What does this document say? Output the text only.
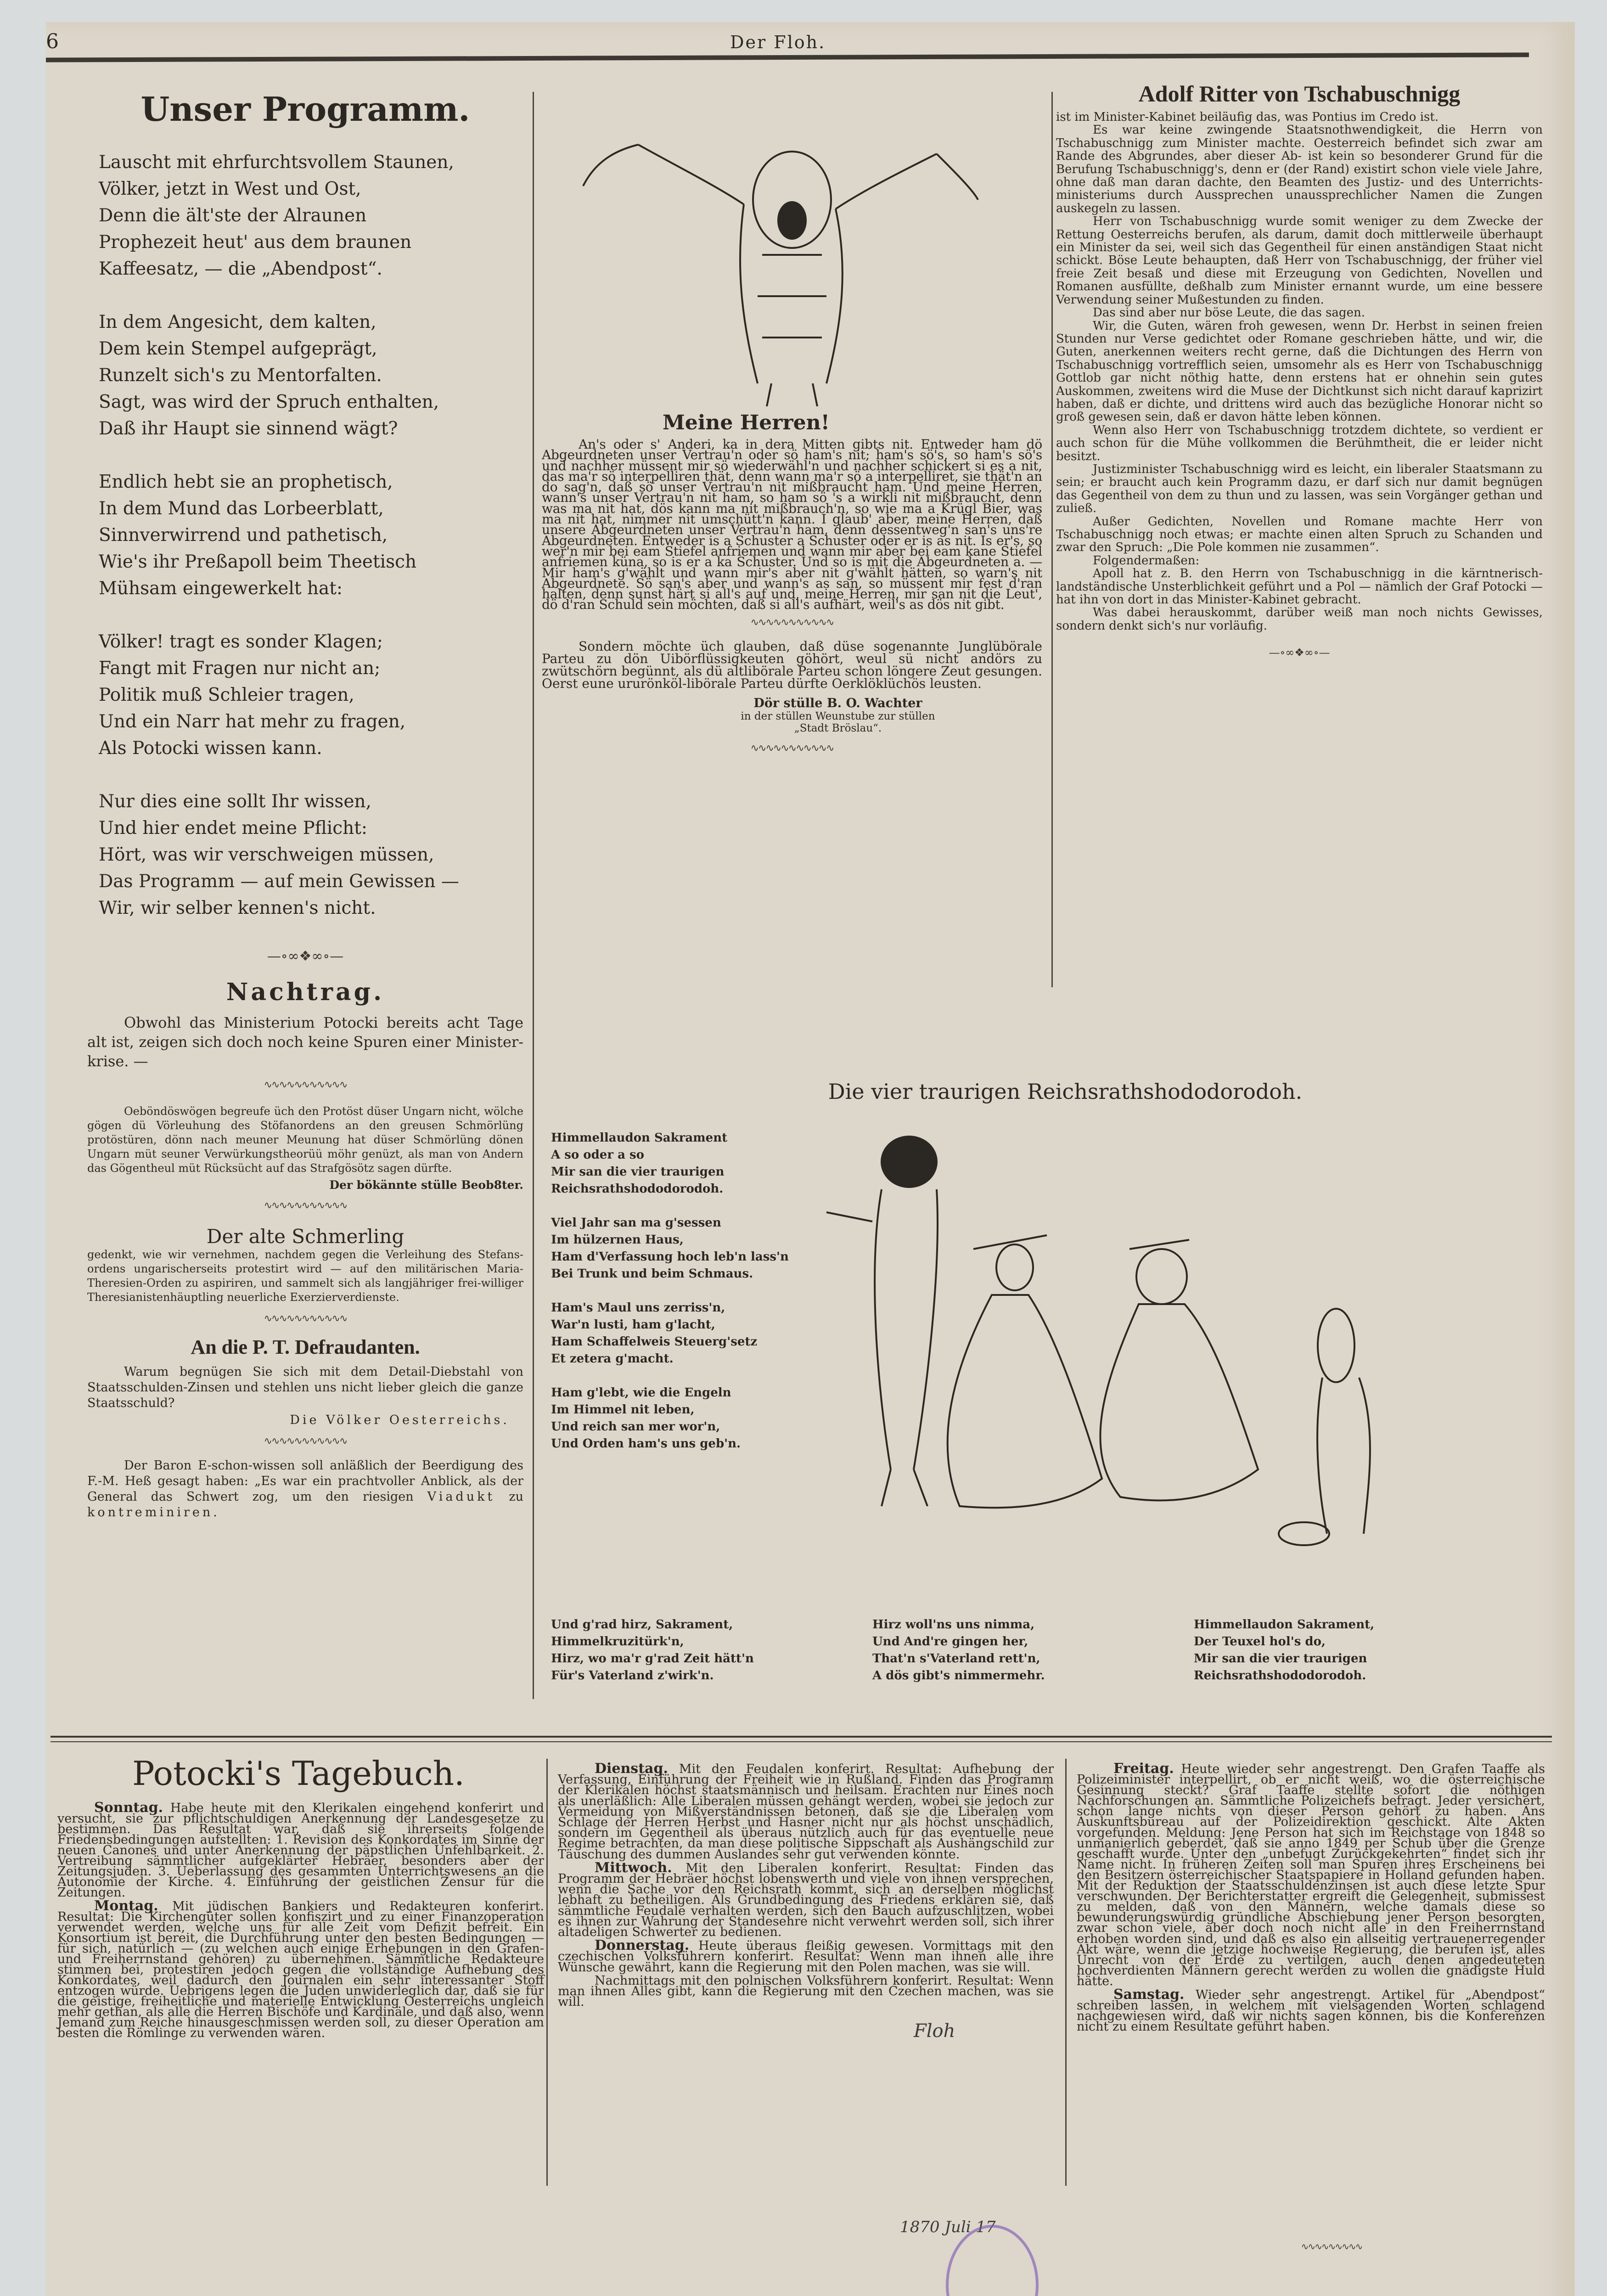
6	Der Floh.
Unser Programm.

Lauscht mit ehrfurchtsvollem Staunen,

Völker, jetzt in West und Ost,

Denn die ält'ste der Alraunen

Prophezeit heut' aus dem braunen

Kaffeesatz, — die „Abendpost“.

In dem Angesicht, dem kalten,

Dem kein Stempel aufgeprägt,

Runzelt sich's zu Mentorfalten.

Sagt, was wird der Spruch enthalten,

Daß ihr Haupt sie sinnend wägt?

Endlich hebt sie an prophetisch,

In dem Mund das Lorbeerblatt,

Sinnverwirrend und pathetisch,

Wie's ihr Preßapoll beim Theetisch

Mühsam eingewerkelt hat:

Völker! tragt es sonder Klagen;

Fangt mit Fragen nur nicht an;

Politik muß Schleier tragen,

Und ein Narr hat mehr zu fragen,

Als Potocki wissen kann.

Nur dies eine sollt Ihr wissen,

Und hier endet meine Pflicht:

Hört, was wir verschweigen müssen,

Das Programm — auf mein Gewissen —

Wir, wir selber kennen's nicht.

—∘∞❖∞∘—
Nachtrag.
Obwohl das Ministerium Potocki bereits acht Tage alt ist, zeigen sich doch noch keine Spuren einer Minister-krise. —
∿∿∿∿∿∿∿∿∿∿∿
Oeböndöswögen begreufe üch den Protöst düser Ungarn nicht, wölche gögen dü Vörleuhung des Stöfanordens an den greusen Schmörlüng protöstüren, dönn nach meuner Meunung hat düser Schmörlüng dönen Ungarn müt seuner Verwürkungstheorüü möhr genüzt, als man von Andern das Gögentheul müt Rücksücht auf das Strafgösötz sagen dürfte.
Der bökännte stülle Beob8ter.
∿∿∿∿∿∿∿∿∿∿∿
Der alte Schmerling
gedenkt, wie wir vernehmen, nachdem gegen die Verleihung des Stefans-ordens ungarischerseits protestirt wird — auf den militärischen Maria-Theresien-Orden zu aspiriren, und sammelt sich als langjähriger frei-williger Theresianistenhäuptling neuerliche Exerzierverdienste.
∿∿∿∿∿∿∿∿∿∿∿
An die P. T. Defraudanten.
Warum begnügen Sie sich mit dem Detail-Diebstahl von Staatsschulden-Zinsen und stehlen uns nicht lieber gleich die ganze Staatsschuld?
Die Völker Oesterreichs.
∿∿∿∿∿∿∿∿∿∿∿
Der Baron E-schon-wissen soll anläßlich der Beerdigung des F.-M. Heß gesagt haben: „Es war ein prachtvoller Anblick, als der General das Schwert zog, um den riesigen Viadukt zu kontreminiren.
Meine Herren!
An's oder s' Anderi, ka in dera Mitten gibts nit. Entweder ham dö Abgeurdneten unser Vertrau'n oder sö ham's nit; ham's sö's, so ham's sö's und nachher müssent mir sö wiederwähl'n und nachher schickert si es a nit, das ma'r sö interpelliren thät, denn wann ma'r sö a interpelliret, sie thät'n an do sag'n, daß sö unser Vertrau'n nit mißbraucht ham. Und meine Herren, wann's unser Vertrau'n nit ham, so ham sö 's a wirkli nit mißbraucht, denn was ma nit hat, dös kann ma nit mißbrauch'n, so wie ma a Krügl Bier, was ma nit hat, nimmer nit umschütt'n kann. I glaub' aber, meine Herren, daß unsere Abgeurdneten unser Vertrau'n ham, denn dessentweg'n san's uns're Abgeurdneten. Entweder is a Schuster a Schuster oder er is as nit. Is er's, so wer'n mir bei eam Stiefel anfriemen und wann mir aber bei eam kane Stiefel anfriemen küna, so is er a ka Schuster. Und so is mit die Abgeurdneten a. — Mir ham's g'wählt und wann mir's aber nit g'wählt hätten, so warn's nit Abgeurdnete. Sö san's aber und wann's as san, so müssent mir fest d'ran halten, denn sunst härt si all's auf und, meine Herren, mir san nit die Leut', dö d'ran Schuld sein möchten, daß si all's aufhärt, weil's as dös nit gibt.
∿∿∿∿∿∿∿∿∿∿∿
Sondern möchte üch glauben, daß düse sogenannte Junglübörale Parteu zu dön Uibörflüssigkeuten göhört, weul sü nicht andörs zu zwütschörn begünnt, als dü altlibörale Parteu schon löngere Zeut gesungen. Oerst eune ururönköl-libörale Parteu dürfte Oerklöklüchös leusten.
Dör stülle B. O. Wachter
in der stüllen Weunstube zur stüllen
„Stadt Bröslau“.
∿∿∿∿∿∿∿∿∿∿∿
Adolf Ritter von Tschabuschnigg

ist im Minister-Kabinet beiläufig das, was Pontius im Credo ist.

Es war keine zwingende Staatsnothwendigkeit, die Herrn von Tschabuschnigg zum Minister machte. Oesterreich befindet sich zwar am Rande des Abgrundes, aber dieser Ab- ist kein so besonderer Grund für die Berufung Tschabuschnigg's, denn er (der Rand) existirt schon viele viele Jahre, ohne daß man daran dachte, den Beamten des Justiz- und des Unterrichts-ministeriums durch Aussprechen unaussprechlicher Namen die Zungen auskegeln zu lassen.

Herr von Tschabuschnigg wurde somit weniger zu dem Zwecke der Rettung Oesterreichs berufen, als darum, damit doch mittlerweile überhaupt ein Minister da sei, weil sich das Gegentheil für einen anständigen Staat nicht schickt. Böse Leute behaupten, daß Herr von Tschabuschnigg, der früher viel freie Zeit besaß und diese mit Erzeugung von Gedichten, Novellen und Romanen ausfüllte, deßhalb zum Minister ernannt wurde, um eine bessere Verwendung seiner Mußestunden zu finden.

Das sind aber nur böse Leute, die das sagen.

Wir, die Guten, wären froh gewesen, wenn Dr. Herbst in seinen freien Stunden nur Verse gedichtet oder Romane geschrieben hätte, und wir, die Guten, anerkennen weiters recht gerne, daß die Dichtungen des Herrn von Tschabuschnigg vortrefflich seien, umsomehr als es Herr von Tschabuschnigg Gottlob gar nicht nöthig hatte, denn erstens hat er ohnehin sein gutes Auskommen, zweitens wird die Muse der Dichtkunst sich nicht darauf kaprizirt haben, daß er dichte, und drittens wird auch das bezügliche Honorar nicht so groß gewesen sein, daß er davon hätte leben können.

Wenn also Herr von Tschabuschnigg trotzdem dichtete, so verdient er auch schon für die Mühe vollkommen die Berühmtheit, die er leider nicht besitzt.

Justizminister Tschabuschnigg wird es leicht, ein liberaler Staatsmann zu sein; er braucht auch kein Programm dazu, er darf sich nur damit begnügen das Gegentheil von dem zu thun und zu lassen, was sein Vorgänger gethan und zuließ.

Außer Gedichten, Novellen und Romane machte Herr von Tschabuschnigg noch etwas; er machte einen alten Spruch zu Schanden und zwar den Spruch: „Die Pole kommen nie zusammen“.

Folgendermaßen:

Apoll hat z. B. den Herrn von Tschabuschnigg in die kärntnerisch-landständische Unsterblichkeit geführt und a Pol — nämlich der Graf Potocki — hat ihn von dort in das Minister-Kabinet gebracht.

Was dabei herauskommt, darüber weiß man noch nichts Gewisses, sondern denkt sich's nur vorläufig.

—∘∞❖∞∘—
Die vier traurigen Reichsrathshododorodoh.

Himmellaudon Sakrament

A so oder a so

Mir san die vier traurigen

Reichsrathshododorodoh.

Viel Jahr san ma g'sessen

Im hülzernen Haus,

Ham d'Verfassung hoch leb'n lass'n

Bei Trunk und beim Schmaus.

Ham's Maul uns zerriss'n,

War'n lusti, ham g'lacht,

Ham Schaffelweis Steuerg'setz

Et zetera g'macht.

Ham g'lebt, wie die Engeln

Im Himmel nit leben,

Und reich san mer wor'n,

Und Orden ham's uns geb'n.

Und g'rad hirz, Sakrament,

Himmelkruzitürk'n,

Hirz, wo ma'r g'rad Zeit hätt'n

Für's Vaterland z'wirk'n.

Hirz woll'ns uns nimma,

Und And're gingen her,

That'n s'Vaterland rett'n,

A dös gibt's nimmermehr.

Himmellaudon Sakrament,

Der Teuxel hol's do,

Mir san die vier traurigen

Reichsrathshododorodoh.

Potocki's Tagebuch.

Sonntag. Habe heute mit den Klerikalen eingehend konferirt und versucht, sie zur pflichtschuldigen Anerkennung der Landesgesetze zu bestimmen. Das Resultat war, daß sie ihrerseits folgende Friedensbedingungen aufstellten: 1. Revision des Konkordates im Sinne der neuen Canones und unter Anerkennung der päpstlichen Unfehlbarkeit. 2. Vertreibung sämmtlicher aufgeklärter Hebräer, besonders aber der Zeitungsjuden. 3. Ueberlassung des gesammten Unterrichtswesens an die Autonomie der Kirche. 4. Einführung der geistlichen Zensur für die Zeitungen.

Montag. Mit jüdischen Bankiers und Redakteuren konferirt. Resultat: Die Kirchengüter sollen konfiszirt und zu einer Finanzoperation verwendet werden, welche uns für alle Zeit vom Defizit befreit. Ein Konsortium ist bereit, die Durchführung unter den besten Bedingungen — für sich, natürlich — (zu welchen auch einige Erhebungen in den Grafen- und Freiherrnstand gehören) zu übernehmen. Sämmtliche Redakteure stimmen bei, protestiren jedoch gegen die vollständige Aufhebung des Konkordates, weil dadurch den Journalen ein sehr interessanter Stoff entzogen würde. Uebrigens legen die Juden unwiderleglich dar, daß sie für die geistige, freiheitliche und materielle Entwicklung Oesterreichs ungleich mehr gethan, als alle die Herren Bischöfe und Kardinäle, und daß also, wenn Jemand zum Reiche hinausgeschmissen werden soll, zu dieser Operation am besten die Römlinge zu verwenden wären.

Dienstag. Mit den Feudalen konferirt. Resultat: Aufhebung der Verfassung, Einführung der Freiheit wie in Rußland. Finden das Programm der Klerikalen höchst staatsmännisch und heilsam. Erachten nur Eines noch als unerläßlich: Alle Liberalen müssen gehängt werden, wobei sie jedoch zur Vermeidung von Mißverständnissen betonen, daß sie die Liberalen vom Schlage der Herren Herbst und Hasner nicht nur als höchst unschädlich, sondern im Gegentheil als überaus nützlich auch für das eventuelle neue Regime betrachten, da man diese politische Sippschaft als Aushängschild zur Täuschung des dummen Auslandes sehr gut verwenden könnte.

Mittwoch. Mit den Liberalen konferirt. Resultat: Finden das Programm der Hebräer höchst lobenswerth und viele von ihnen versprechen, wenn die Sache vor den Reichsrath kommt, sich an derselben möglichst lebhaft zu betheiligen. Als Grundbedingung des Friedens erklären sie, daß sämmtliche Feudale verhalten werden, sich den Bauch aufzuschlitzen, wobei es ihnen zur Wahrung der Standesehre nicht verwehrt werden soll, sich ihrer altadeligen Schwerter zu bedienen.

Donnerstag. Heute überaus fleißig gewesen. Vormittags mit den czechischen Volksführern konferirt. Resultat: Wenn man ihnen alle ihre Wünsche gewährt, kann die Regierung mit den Polen machen, was sie will.

Nachmittags mit den polnischen Volksführern konferirt. Resultat: Wenn man ihnen Alles gibt, kann die Regierung mit den Czechen machen, was sie will.

Freitag. Heute wieder sehr angestrengt. Den Grafen Taaffe als Polizeiminister interpellirt, ob er nicht weiß, wo die österreichische Gesinnung steckt? Graf Taaffe stellte sofort die nöthigen Nachforschungen an. Sämmtliche Polizeichefs befragt. Jeder versichert, schon lange nichts von dieser Person gehört zu haben. Ans Auskunftsbureau auf der Polizeidirektion geschickt. Alte Akten vorgefunden. Meldung: Jene Person hat sich im Reichstage von 1848 so unmanierlich geberdet, daß sie anno 1849 per Schub über die Grenze geschafft wurde. Unter den „unbefugt Zurückgekehrten“ findet sich ihr Name nicht. In früheren Zeiten soll man Spuren ihres Erscheinens bei den Besitzern österreichischer Staatspapiere in Holland gefunden haben. Mit der Reduktion der Staatsschuldenzinsen ist auch diese letzte Spur verschwunden. Der Berichterstatter ergreift die Gelegenheit, submissest zu melden, daß von den Männern, welche damals diese so bewunderungswürdig gründliche Abschiebung jener Person besorgten, zwar schon viele, aber doch noch nicht alle in den Freiherrnstand erhoben worden sind, und daß es also ein allseitig vertrauenerregender Akt wäre, wenn die jetzige hochweise Regierung, die berufen ist, alles Unrecht von der Erde zu vertilgen, auch denen angedeuteten hochverdienten Männern gerecht werden zu wollen die gnädigste Huld hätte.

Samstag. Wieder sehr angestrengt. Artikel für „Abendpost“ schreiben lassen, in welchem mit vielsagenden Worten schlagend nachgewiesen wird, daß wir nichts sagen können, bis die Konferenzen nicht zu einem Resultate geführt haben.

∿∿∿∿∿∿∿∿∿
Floh
1870 Juli 17
